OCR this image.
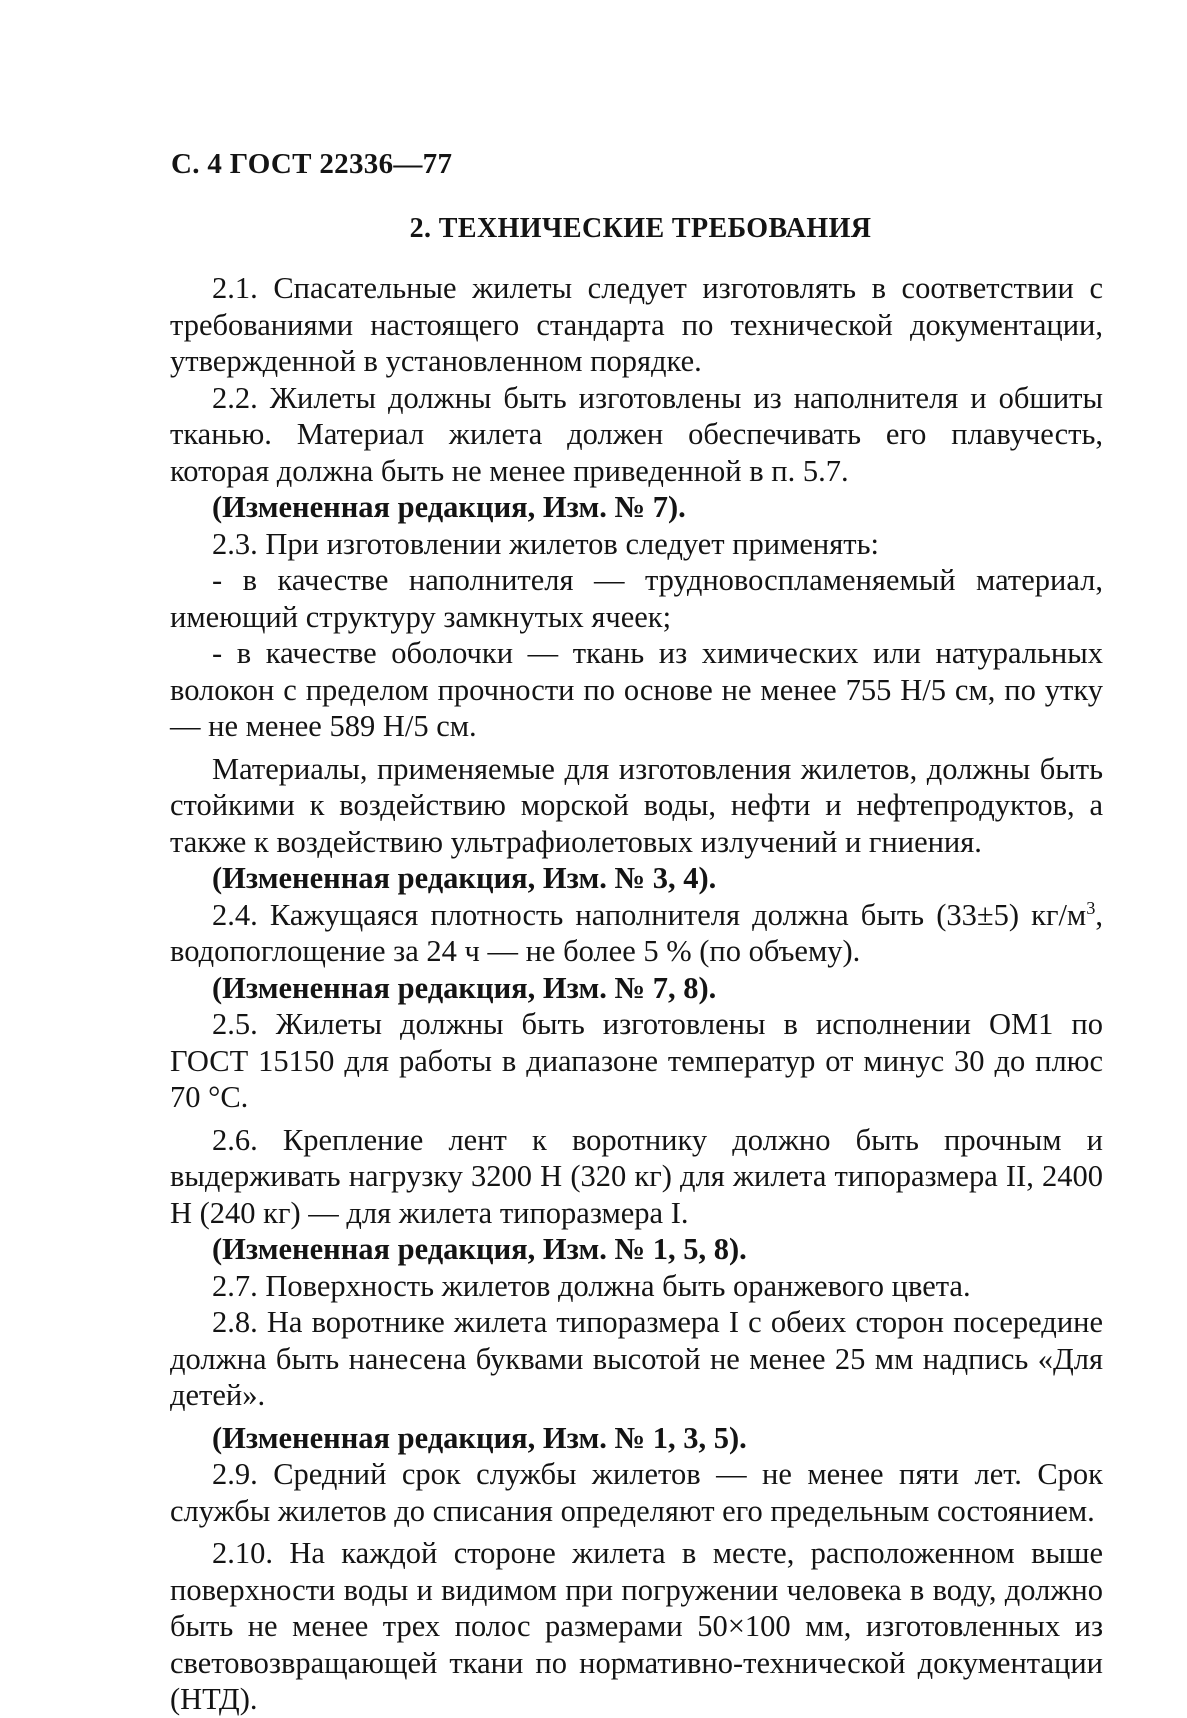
С. 4 ГОСТ 22336—77
2. ТЕХНИЧЕСКИЕ ТРЕБОВАНИЯ

2.1. Спасательные жилеты следует изготовлять в соответствии с требованиями настоящего стандарта по технической документации, утвержденной в установленном порядке.

2.2. Жилеты должны быть изготовлены из наполнителя и обшиты тканью. Материал жилета должен обеспечивать его плавучесть, которая должна быть не менее приведенной в п. 5.7.

(Измененная редакция, Изм. № 7).

2.3. При изготовлении жилетов следует применять:

- в качестве наполнителя — трудновоспламеняемый материал, имеющий структуру замкнутых ячеек;

- в качестве оболочки — ткань из химических или натуральных волокон с пределом прочности по основе не менее 755 Н/5 см, по утку — не менее 589 Н/5 см.

Материалы, применяемые для изготовления жилетов, должны быть стойкими к воздействию морской воды, нефти и нефтепродуктов, а также к воздействию ультрафиолетовых излучений и гниения.

(Измененная редакция, Изм. № 3, 4).

2.4. Кажущаяся плотность наполнителя должна быть (33±5) $кг/м^3$, водопоглощение за 24 ч — не более 5 % (по объему).

(Измененная редакция, Изм. № 7, 8).

2.5. Жилеты должны быть изготовлены в исполнении ОМ1 по ГОСТ 15150 для работы в диапазоне температур от минус 30 до плюс 70 °С.

2.6. Крепление лент к воротнику должно быть прочным и выдерживать нагрузку 3200 Н (320 кг) для жилета типоразмера II, 2400 Н (240 кг) — для жилета типоразмера I.

(Измененная редакция, Изм. № 1, 5, 8).

2.7. Поверхность жилетов должна быть оранжевого цвета.

2.8. На воротнике жилета типоразмера I с обеих сторон посередине должна быть нанесена буквами высотой не менее 25 мм надпись «Для детей».

(Измененная редакция, Изм. № 1, 3, 5).

2.9. Средний срок службы жилетов — не менее пяти лет. Срок службы жилетов до списания определяют его предельным состоянием.

2.10. На каждой стороне жилета в месте, расположенном выше поверхности воды и видимом при погружении человека в воду, должно быть не менее трех полос размерами 50×100 мм, изготовленных из световозвращающей ткани по нормативно-технической документации (НТД).
